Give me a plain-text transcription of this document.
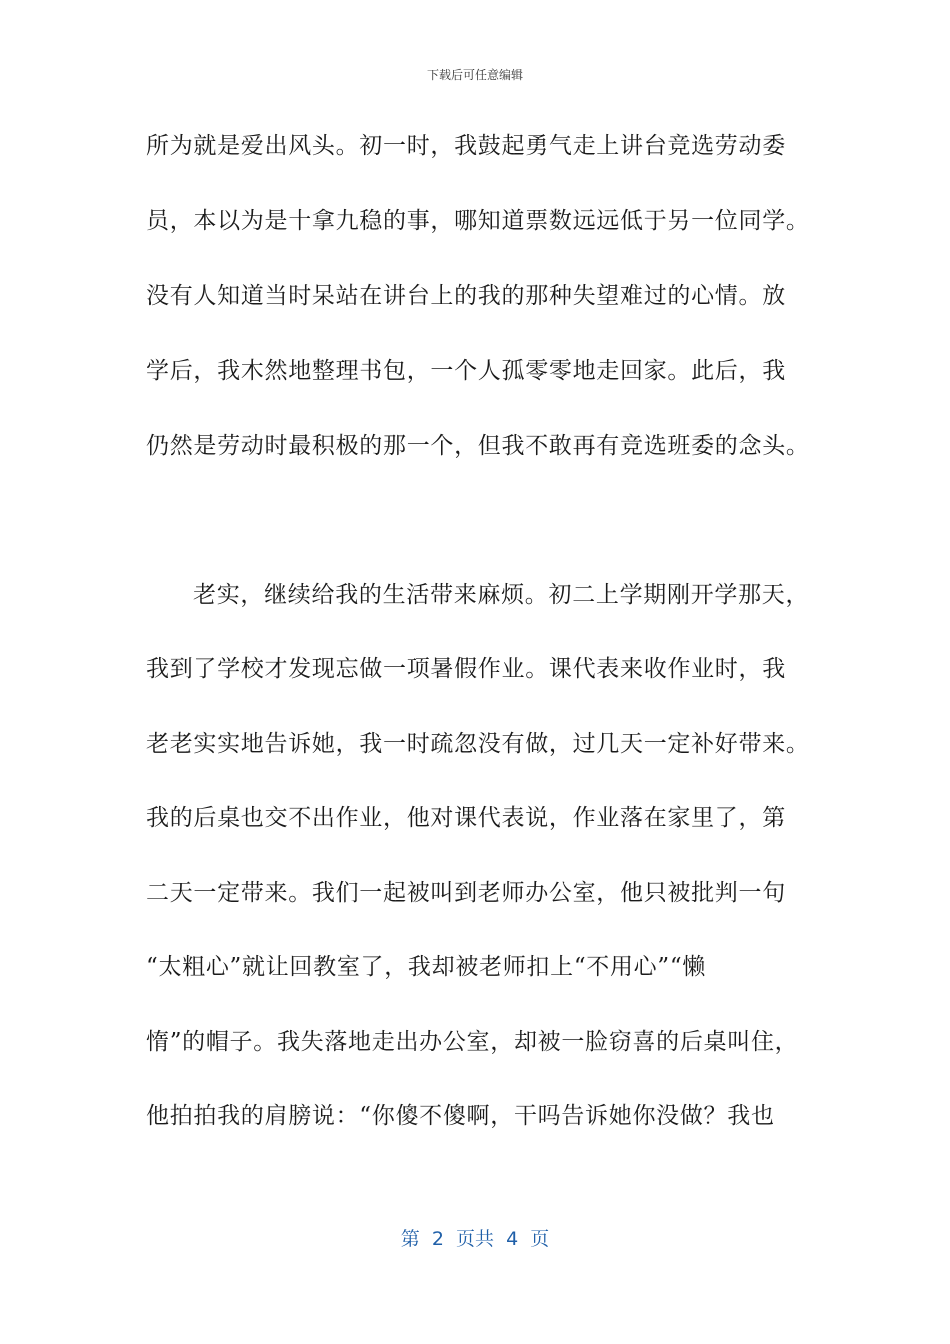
下载后可任意编辑
所为就是爱出风头。初一时，我鼓起勇气走上讲台竞选劳动委
员，本以为是十拿九稳的事，哪知道票数远远低于另一位同学。
没有人知道当时呆站在讲台上的我的那种失望难过的心情。放
学后，我木然地整理书包，一个人孤零零地走回家。此后，我
仍然是劳动时最积极的那一个，但我不敢再有竞选班委的念头。
老实，继续给我的生活带来麻烦。初二上学期刚开学那天，
我到了学校才发现忘做一项暑假作业。课代表来收作业时，我
老老实实地告诉她，我一时疏忽没有做，过几天一定补好带来。
我的后桌也交不出作业，他对课代表说，作业落在家里了，第
二天一定带来。我们一起被叫到老师办公室，他只被批判一句
“太粗心”就让回教室了，我却被老师扣上“不用心”“懒
惰”的帽子。我失落地走出办公室，却被一脸窃喜的后桌叫住，
他拍拍我的肩膀说：“你傻不傻啊，干吗告诉她你没做？我也
第  2  页共  4  页
